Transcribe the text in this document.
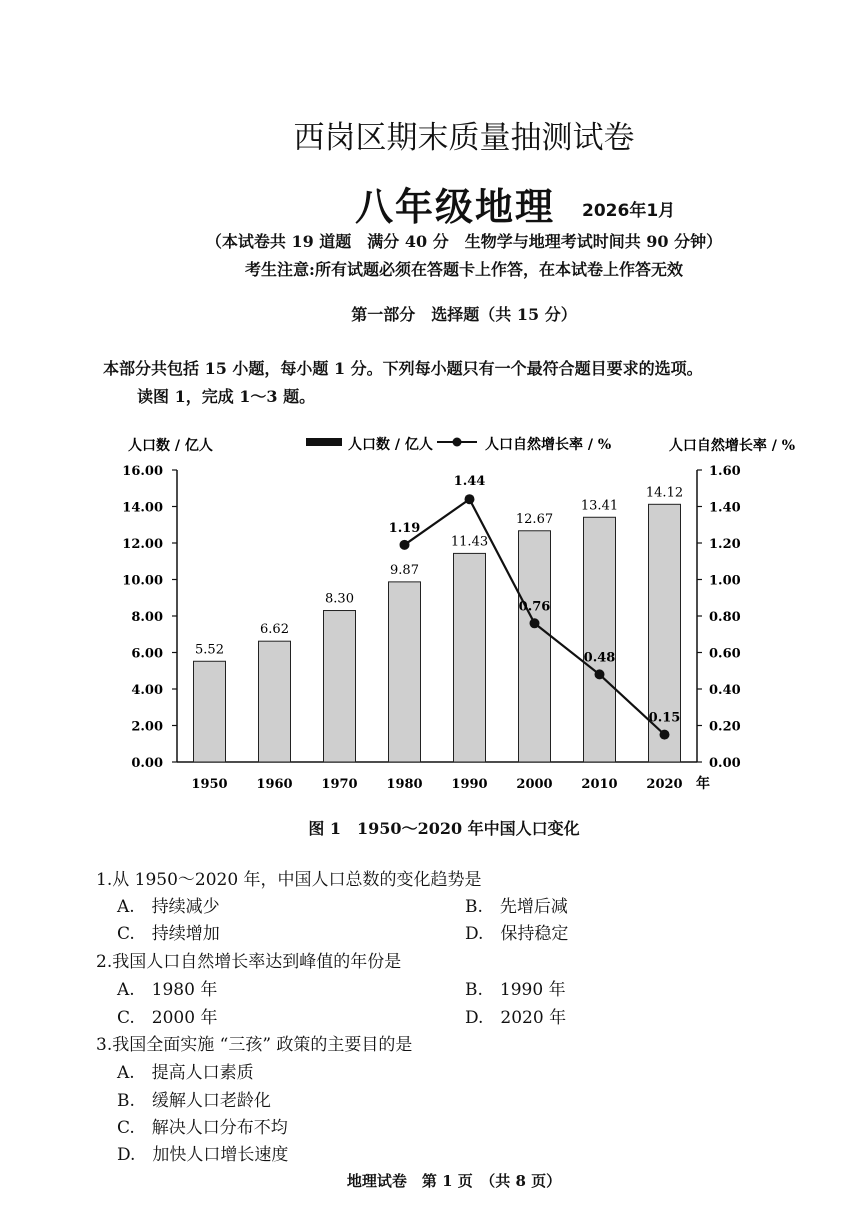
西岗区期末质量抽测试卷
八年级地理 2026年1月
（本试卷共 19 道题　满分 40 分　生物学与地理考试时间共 90 分钟）
考生注意:所有试题必须在答题卡上作答，在本试卷上作答无效
第一部分　选择题（共 15 分）
本部分共包括 15 小题，每小题 1 分。下列每小题只有一个最符合题目要求的选项。
读图 1，完成 1～3 题。
人口数 / 亿人	人口自然增长率 / %
人口数 / 亿人	人口自然增长率 / %
0.00
2.00
4.00
6.00
8.00
10.00
12.00
14.00
16.00
0.00
0.20
0.40
0.60
0.80
1.00
1.20
1.40
1.60
5.52
6.62
8.30
9.87
11.43
12.67
13.41
14.12
1950 1960 1970 1980 1990 2000 2010 2020
1.19
1.44
0.76
0.48
0.15
年
图 1　1950～2020 年中国人口变化
1.从 1950～2020 年，中国人口总数的变化趋势是
A.　持续减少	B.　先增后减
C.　持续增加	D.　保持稳定
2.我国人口自然增长率达到峰值的年份是
A.　1980 年	B.　1990 年
C.　2000 年	D.　2020 年
3.我国全面实施 “三孩” 政策的主要目的是
A.　提高人口素质
B.　缓解人口老龄化
C.　解决人口分布不均
D.　加快人口增长速度
地理试卷　第 1 页　（共 8 页）
